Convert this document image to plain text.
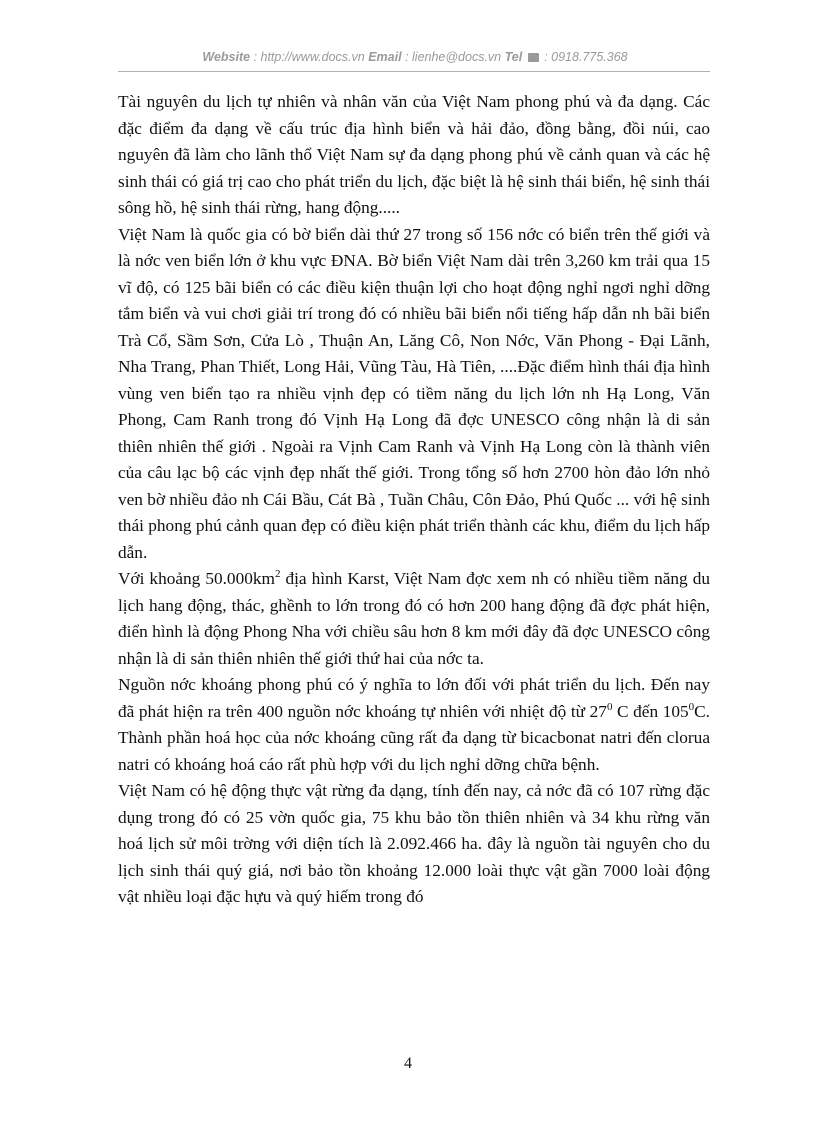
Website : http://www.docs.vn Email : lienhe@docs.vn Tel : 0918.775.368

Tài nguyên du lịch tự nhiên và nhân văn của Việt Nam phong phú và đa dạng. Các đặc điểm đa dạng về cấu trúc địa hình biển và hải đảo, đồng bằng, đồi núi, cao nguyên đã làm cho lãnh thổ Việt Nam sự đa dạng phong phú về cảnh quan và các hệ sinh thái có giá trị cao cho phát triển du lịch, đặc biệt là hệ sinh thái biển, hệ sinh thái sông hồ, hệ sinh thái rừng, hang động.....

Việt Nam là quốc gia có bờ biển dài thứ 27 trong số 156 nớc có biển trên thế giới và là nớc ven biển lớn ở khu vực ĐNA. Bờ biển Việt Nam dài trên 3,260 km trải qua 15 vĩ độ, có 125 bãi biển có các điều kiện thuận lợi cho hoạt động nghỉ ngơi nghỉ dỡng tắm biển và vui chơi giải trí trong đó có nhiều bãi biển nổi tiếng hấp dẫn nh bãi biển Trà Cổ, Sầm Sơn, Cửa Lò , Thuận An, Lăng Cô, Non Nớc, Văn Phong - Đại Lãnh, Nha Trang, Phan Thiết, Long Hải, Vũng Tàu, Hà Tiên, ....Đặc điểm hình thái địa hình vùng ven biển tạo ra nhiều vịnh đẹp có tiềm năng du lịch lớn nh Hạ Long, Văn Phong, Cam Ranh trong đó Vịnh Hạ Long đã đợc UNESCO công nhận là di sản thiên nhiên thế giới . Ngoài ra Vịnh Cam Ranh và Vịnh Hạ Long còn là thành viên của câu lạc bộ các vịnh đẹp nhất thế giới. Trong tổng số hơn 2700 hòn đảo lớn nhỏ ven bờ nhiều đảo nh Cái Bầu, Cát Bà , Tuần Châu, Côn Đảo, Phú Quốc ... với hệ sinh thái phong phú cảnh quan đẹp có điều kiện phát triển thành các khu, điểm du lịch hấp dẫn.

Với khoảng $50.000km^2$ địa hình Karst, Việt Nam đợc xem nh có nhiều tiềm năng du lịch hang động, thác, ghềnh to lớn trong đó có hơn 200 hang động đã đợc phát hiện, điển hình là động Phong Nha với chiều sâu hơn 8 km mới đây đã đợc UNESCO công nhận là di sản thiên nhiên thế giới thứ hai của nớc ta.

Nguồn nớc khoáng phong phú có ý nghĩa to lớn đối với phát triển du lịch. Đến nay đã phát hiện ra trên 400 nguồn nớc khoáng tự nhiên với nhiệt độ từ $27^0$ C đến $105^0C$. Thành phần hoá học của nớc khoáng cũng rất đa dạng từ bicacbonat natri đến clorua natri có khoáng hoá cáo rất phù hợp với du lịch nghỉ dỡng chữa bệnh.

Việt Nam có hệ động thực vật rừng đa dạng, tính đến nay, cả nớc đã có 107 rừng đặc dụng trong đó có 25 vờn quốc gia, 75 khu bảo tồn thiên nhiên và 34 khu rừng văn hoá lịch sử môi trờng với diện tích là 2.092.466 ha. đây là nguồn tài nguyên cho du lịch sinh thái quý giá, nơi bảo tồn khoảng 12.000 loài thực vật gần 7000 loài động vật nhiều loại đặc hựu và quý hiếm trong đó

4
